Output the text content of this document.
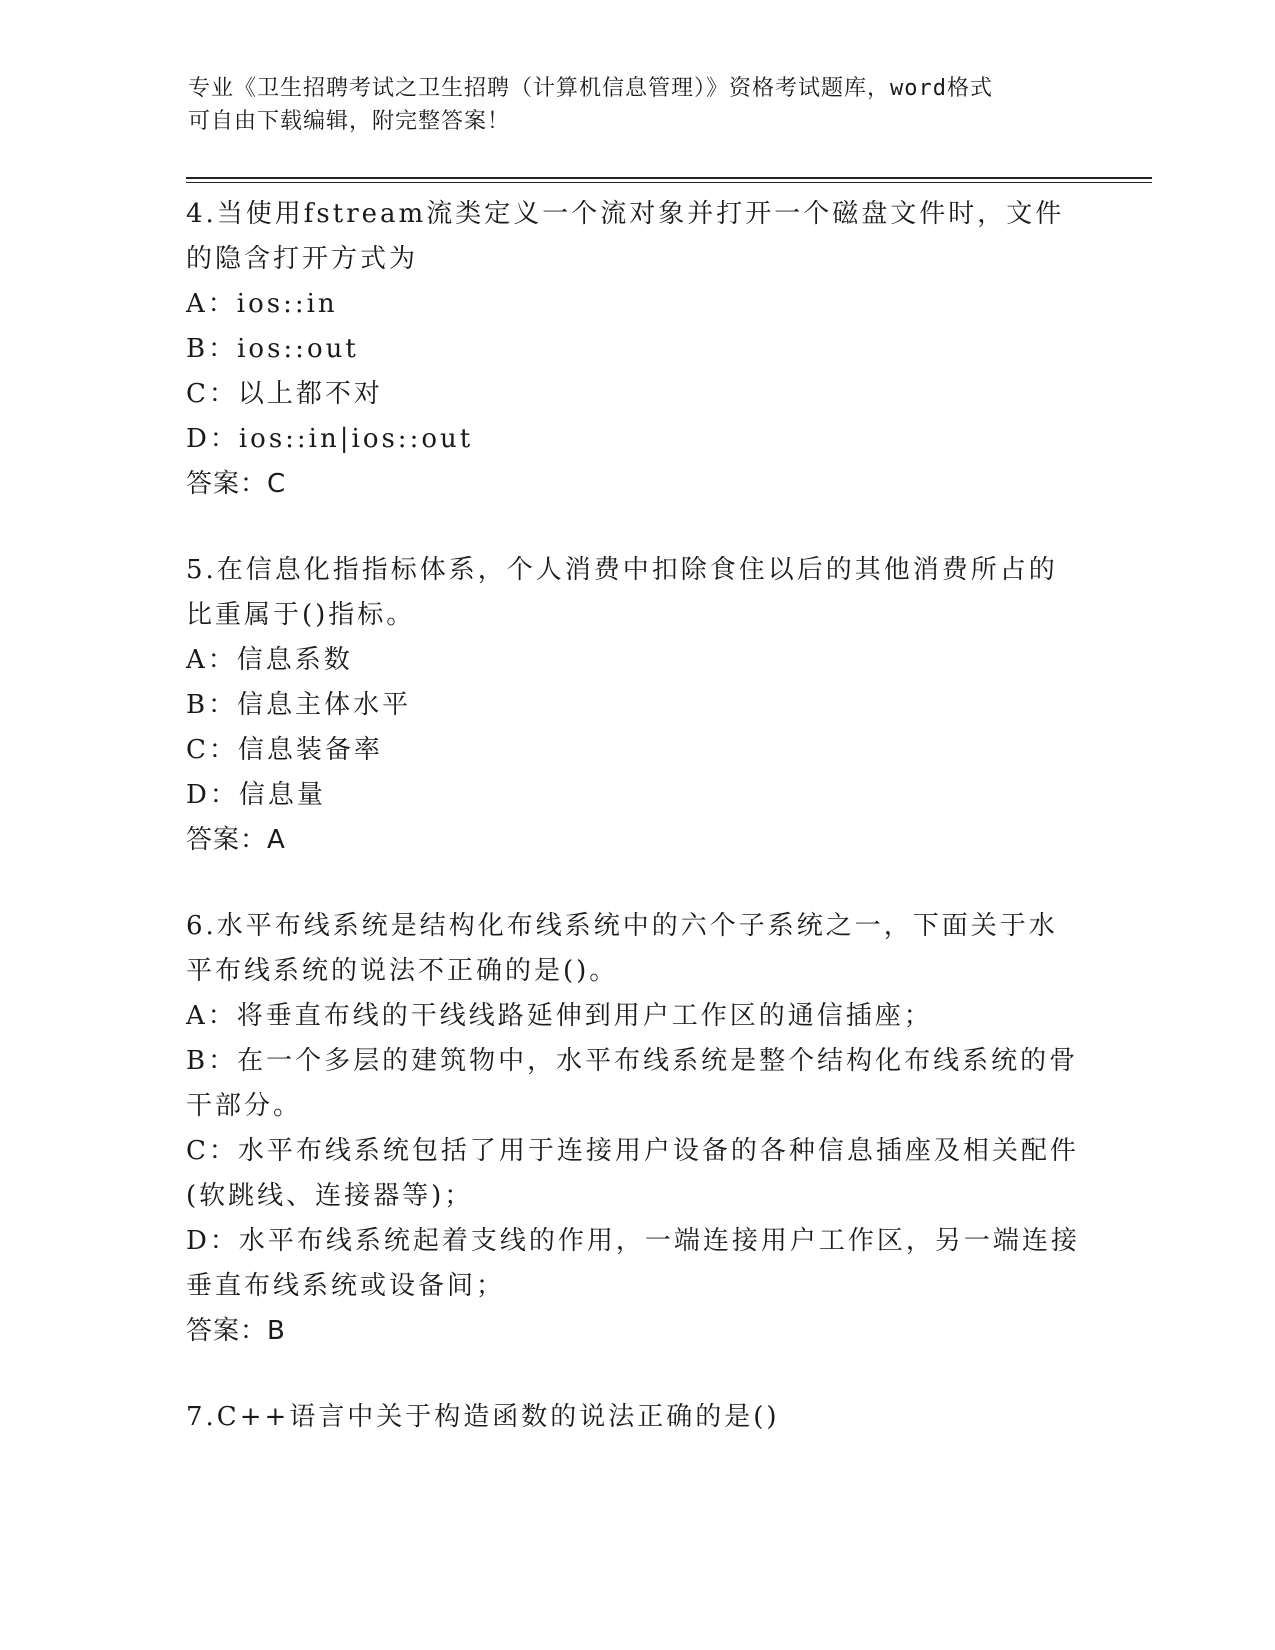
专业《卫生招聘考试之卫生招聘（计算机信息管理）》资格考试题库，word格式
可自由下载编辑，附完整答案！
4.当使用fstream流类定义一个流对象并打开一个磁盘文件时，文件
的隐含打开方式为
A：ios::in
B：ios::out
C：以上都不对
D：ios::in|ios::out
答案：C
5.在信息化指指标体系，个人消费中扣除食住以后的其他消费所占的
比重属于()指标。
A：信息系数
B：信息主体水平
C：信息装备率
D：信息量
答案：A
6.水平布线系统是结构化布线系统中的六个子系统之一，下面关于水
平布线系统的说法不正确的是()。
A：将垂直布线的干线线路延伸到用户工作区的通信插座；
B：在一个多层的建筑物中，水平布线系统是整个结构化布线系统的骨
干部分。
C：水平布线系统包括了用于连接用户设备的各种信息插座及相关配件
(软跳线、连接器等)；
D：水平布线系统起着支线的作用，一端连接用户工作区，另一端连接
垂直布线系统或设备间；
答案：B
7.C++语言中关于构造函数的说法正确的是()
